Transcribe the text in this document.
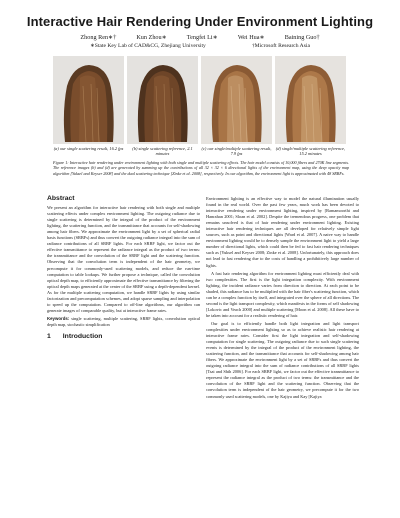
Interactive Hair Rendering Under Environment Lighting
Zhong Ren∗†	Kun Zhou∗	Tengfei Li∗	Wei Hua∗	Baining Guo†
∗State Key Lab of CAD&CG, Zhejiang University	†Microsoft Research Asia
(a) our single scattering result, 16.2 fps	(b) single scattering reference, 2.1 minutes
(c) our single/multiple scattering result, 7.9 fps
(d) single/multiple scattering reference, 15.2 minutes
Figure 1: Interactive hair rendering under environment lighting with both single and multiple scattering effects. The hair model consists of 10,000 fibers and 270K line segments. The reference images (b) and (d) are generated by summing up the contributions of all 32 × 32 × 6 directional lights of the environment map, using the deep opacity map algorithm [Yuksel and Keyser 2008] and the dual scattering technique [Zinke et al. 2008], respectively. In our algorithm, the environment light is approximated with 48 SRBFs.
Abstract

We present an algorithm for interactive hair rendering with both single and multiple scattering effects under complex environment lighting. The outgoing radiance due to single scattering is determined by the integral of the product of the environment lighting, the scattering function, and the transmittance that accounts for self-shadowing among hair fibers. We approximate the environment light by a set of spherical radial basis functions (SRBFs) and thus convert the outgoing radiance integral into the sum of radiance contributions of all SRBF lights. For each SRBF light, we factor out the effective transmittance to represent the radiance integral as the product of two terms: the transmittance and the convolution of the SRBF light and the scattering function. Observing that the convolution term is independent of the hair geometry, we precompute it for commonly-used scattering models, and reduce the run-time computation to table lookups. We further propose a technique, called the convolution optical depth map, to efficiently approximate the effective transmittance by filtering the optical depth maps generated at the center of the SRBF using a depth-dependent kernel. As for the multiple scattering computation, we handle SRBF lights by using similar factorization and precomputation schemes, and adopt sparse sampling and interpolation to speed up the computation. Compared to off-line algorithms, our algorithm can generate images of comparable quality, but at interactive frame rates.

Keywords: single scattering, multiple scattering, SRBF lights, convolution optical depth map, stochastic simplification
1 Introduction

Environment lighting is an effective way to model the natural illumination usually found in the real world. Over the past few years, much work has been devoted to interactive rendering under environment lighting, inspired by [Ramamoorthi and Hanrahan 2001; Sloan et al. 2002]. Despite the tremendous progress, one problem that remains unsolved is that of hair rendering under environment lighting. Existing interactive hair rendering techniques are all developed for relatively simple light sources, such as point and directional lights [Ward et al. 2007]. A naive way to handle environment lighting would be to densely sample the environment light to yield a large number of directional lights, which could then be fed to fast hair rendering techniques such as [Yuksel and Keyser 2008; Zinke et al. 2008]. Unfortunately, this approach does not lead to fast rendering due to the costs of handling a prohibitively large number of lights.

A fast hair rendering algorithm for environment lighting must efficiently deal with two complexities. The first is the light integration complexity. With environment lighting, the incident radiance varies from direction to direction. At each point to be shaded, this radiance has to be multiplied with the hair fiber's scattering function, which can be a complex function by itself, and integrated over the sphere of all directions. The second is the light transport complexity, which manifests in the forms of self shadowing [Lokovic and Veach 2000] and multiple scattering [Moon et al. 2008]. All these have to be taken into account for a realistic rendering of hair.

Our goal is to efficiently handle both light integration and light transport complexities under environment lighting so as to achieve realistic hair rendering at interactive frame rates. Consider first the light integration and self-shadowing computation for single scattering. The outgoing radiance due to such single scattering events is determined by the integral of the product of the environment lighting, the scattering function, and the transmittance that accounts for self-shadowing among hair fibers. We approximate the environment light by a set of SRBFs and thus convert the outgoing radiance integral into the sum of radiance contributions of all SRBF lights [Tsai and Shih 2006]. For each SRBF light, we factor out the effective transmittance to represent the radiance integral as the product of two terms: the transmittance and the convolution of the SRBF light and the scattering function. Observing that the convolution term is independent of the hair geometry, we precompute it for the two commonly used scattering models, one by Kajiya and Kay [Kajiya
